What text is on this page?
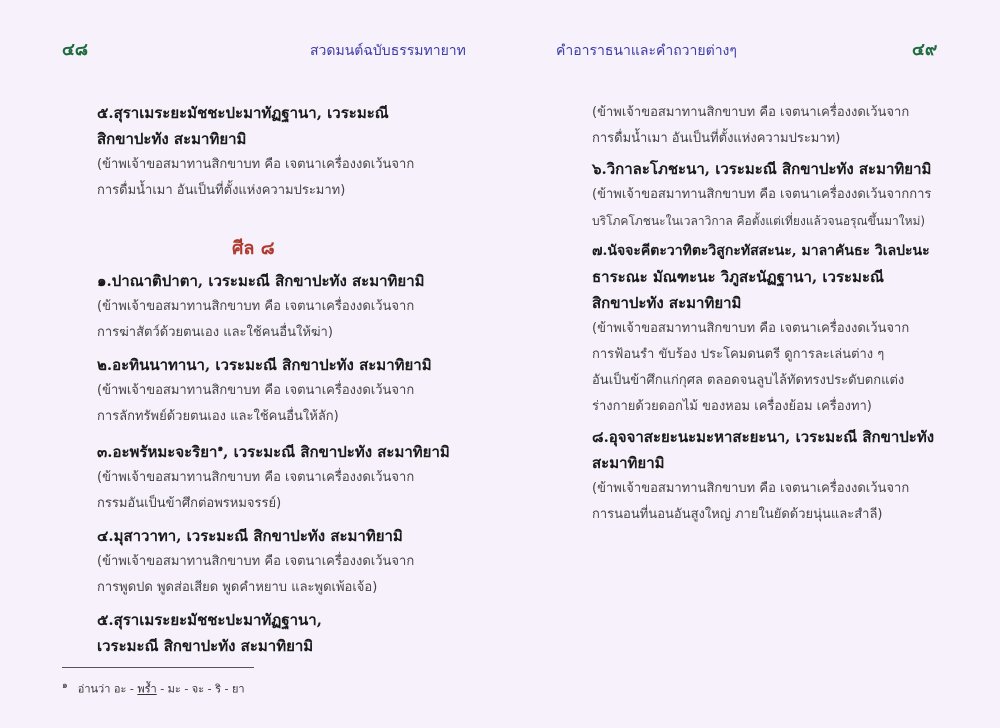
๔๘	สวดมนต์ฉบับธรรมทายาท	คำอาราธนาและคำถวายต่างๆ	๔๙
๕.สุราเมระยะมัชชะปะมาทัฏฐานา, เวระมะณี
สิกขาปะทัง สะมาทิยามิ
(ข้าพเจ้าขอสมาทานสิกขาบท คือ เจตนาเครื่องงดเว้นจาก
การดื่มน้ำเมา อันเป็นที่ตั้งแห่งความประมาท)
ศีล ๘
๑.ปาณาติปาตา, เวระมะณี สิกขาปะทัง สะมาทิยามิ
(ข้าพเจ้าขอสมาทานสิกขาบท คือ เจตนาเครื่องงดเว้นจาก
การฆ่าสัตว์ด้วยตนเอง และใช้คนอื่นให้ฆ่า)
๒.อะทินนาทานา, เวระมะณี สิกขาปะทัง สะมาทิยามิ
(ข้าพเจ้าขอสมาทานสิกขาบท คือ เจตนาเครื่องงดเว้นจาก
การลักทรัพย์ด้วยตนเอง และใช้คนอื่นให้ลัก)
๓.อะพรัหมะจะริยา$^๑$, เวระมะณี สิกขาปะทัง สะมาทิยามิ
(ข้าพเจ้าขอสมาทานสิกขาบท คือ เจตนาเครื่องงดเว้นจาก
กรรมอันเป็นข้าศึกต่อพรหมจรรย์)
๔.มุสาวาทา, เวระมะณี สิกขาปะทัง สะมาทิยามิ
(ข้าพเจ้าขอสมาทานสิกขาบท คือ เจตนาเครื่องงดเว้นจาก
การพูดปด พูดส่อเสียด พูดคำหยาบ และพูดเพ้อเจ้อ)
๕.สุราเมระยะมัชชะปะมาทัฏฐานา,
เวระมะณี สิกขาปะทัง สะมาทิยามิ
$^๑$ อ่านว่า อะ - พรัำ - มะ - จะ - ริ - ยา
(ข้าพเจ้าขอสมาทานสิกขาบท คือ เจตนาเครื่องงดเว้นจาก
การดื่มน้ำเมา อันเป็นที่ตั้งแห่งความประมาท)
๖.วิกาละโภชะนา, เวระมะณี สิกขาปะทัง สะมาทิยามิ
(ข้าพเจ้าขอสมาทานสิกขาบท คือ เจตนาเครื่องงดเว้นจากการ
บริโภคโภชนะในเวลาวิกาล คือตั้งแต่เที่ยงแล้วจนอรุณขึ้นมาใหม่)
๗.นัจจะคีตะวาทิตะวิสูกะทัสสะนะ, มาลาคันธะ วิเลปะนะ
ธาระณะ มัณฑะนะ วิภูสะนัฏฐานา, เวระมะณี
สิกขาปะทัง สะมาทิยามิ
(ข้าพเจ้าขอสมาทานสิกขาบท คือ เจตนาเครื่องงดเว้นจาก
การฟ้อนรำ ขับร้อง ประโคมดนตรี ดูการละเล่นต่าง ๆ
อันเป็นข้าศึกแก่กุศล ตลอดจนลูบไล้ทัดทรงประดับตกแต่ง
ร่างกายด้วยดอกไม้ ของหอม เครื่องย้อม เครื่องทา)
๘.อุจจาสะยะนะมะหาสะยะนา, เวระมะณี สิกขาปะทัง
สะมาทิยามิ
(ข้าพเจ้าขอสมาทานสิกขาบท คือ เจตนาเครื่องงดเว้นจาก
การนอนที่นอนอันสูงใหญ่ ภายในยัดด้วยนุ่นและสำลี)
